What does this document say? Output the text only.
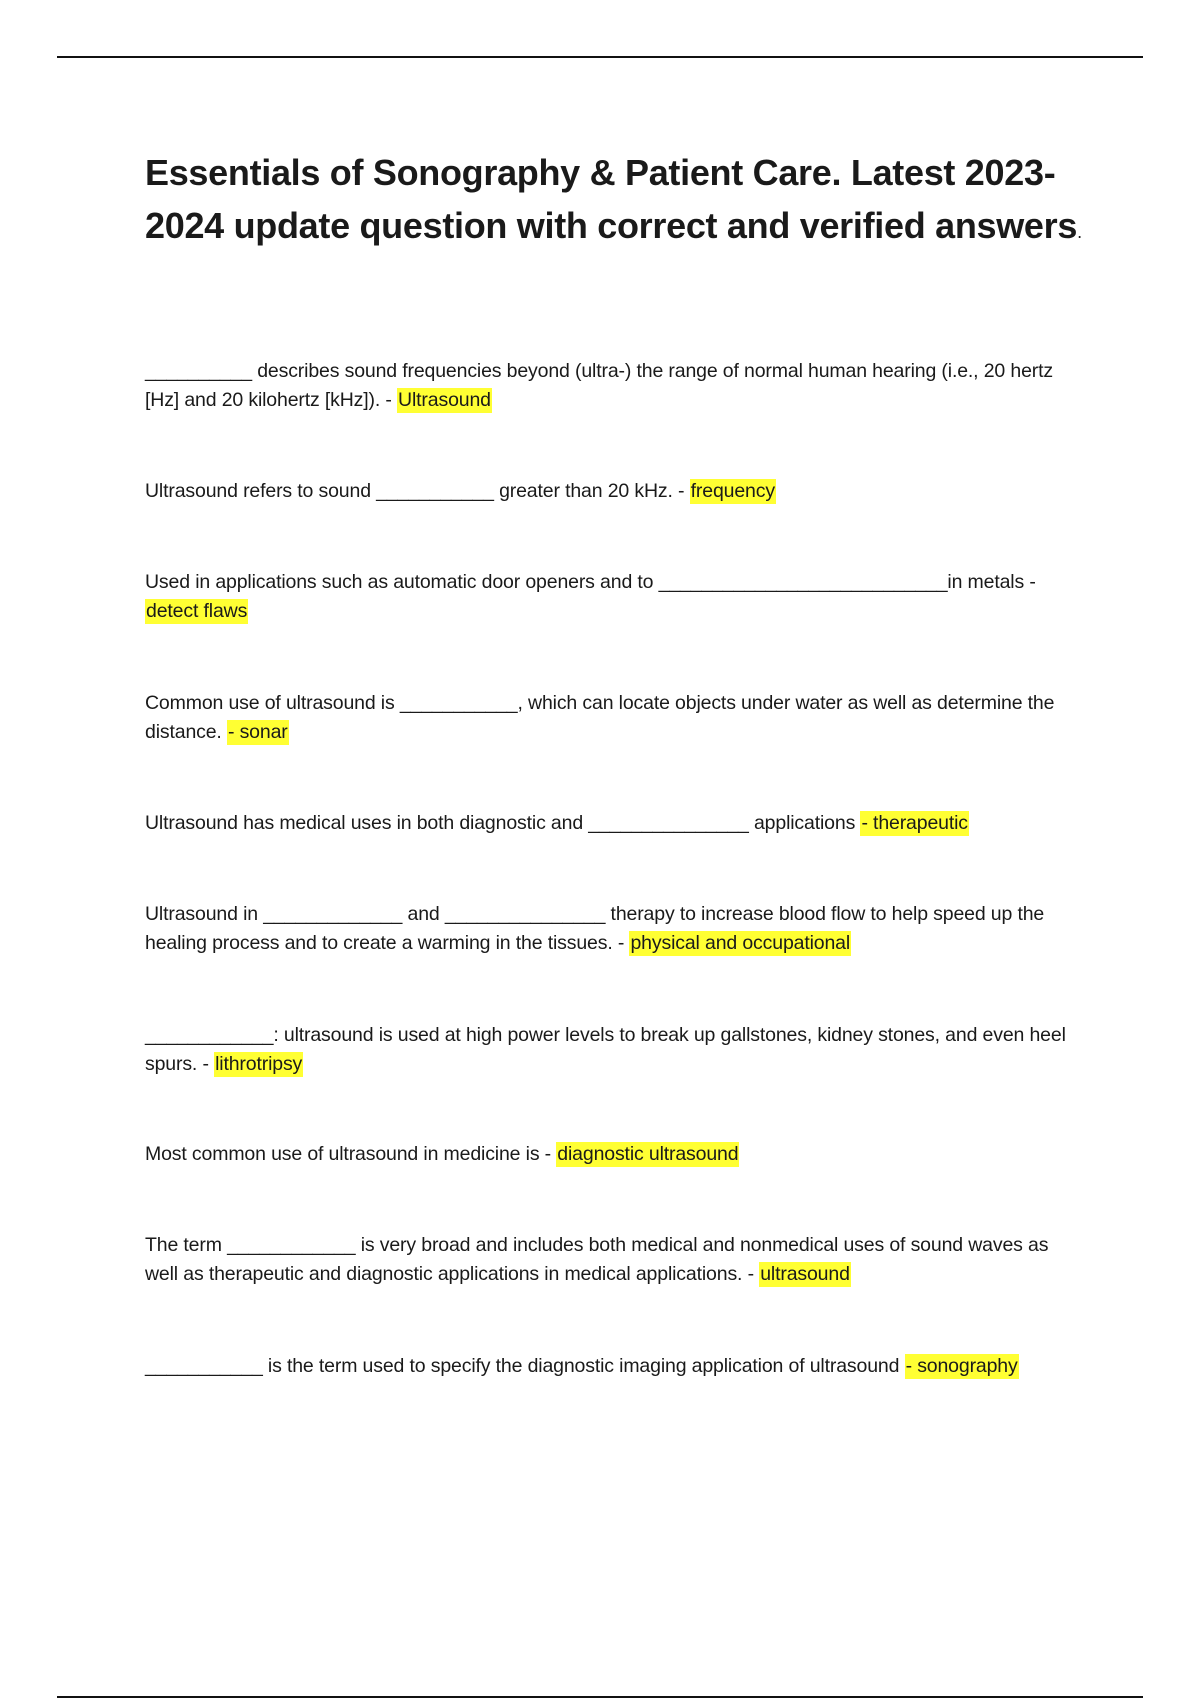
Essentials of Sonography & Patient Care. Latest 2023-2024 update question with correct and verified answers.

__________ describes sound frequencies beyond (ultra-) the range of normal human hearing (i.e., 20 hertz [Hz] and 20 kilohertz [kHz]). - Ultrasound

Ultrasound refers to sound ___________ greater than 20 kHz. - frequency

Used in applications such as automatic door openers and to ___________________________in metals - detect flaws

Common use of ultrasound is ___________, which can locate objects under water as well as determine the distance. - sonar

Ultrasound has medical uses in both diagnostic and _______________ applications - therapeutic

Ultrasound in _____________ and _______________ therapy to increase blood flow to help speed up the healing process and to create a warming in the tissues. - physical and occupational

____________: ultrasound is used at high power levels to break up gallstones, kidney stones, and even heel spurs. - lithrotripsy

Most common use of ultrasound in medicine is - diagnostic ultrasound

The term ____________ is very broad and includes both medical and nonmedical uses of sound waves as well as therapeutic and diagnostic applications in medical applications. - ultrasound

___________ is the term used to specify the diagnostic imaging application of ultrasound - sonography
